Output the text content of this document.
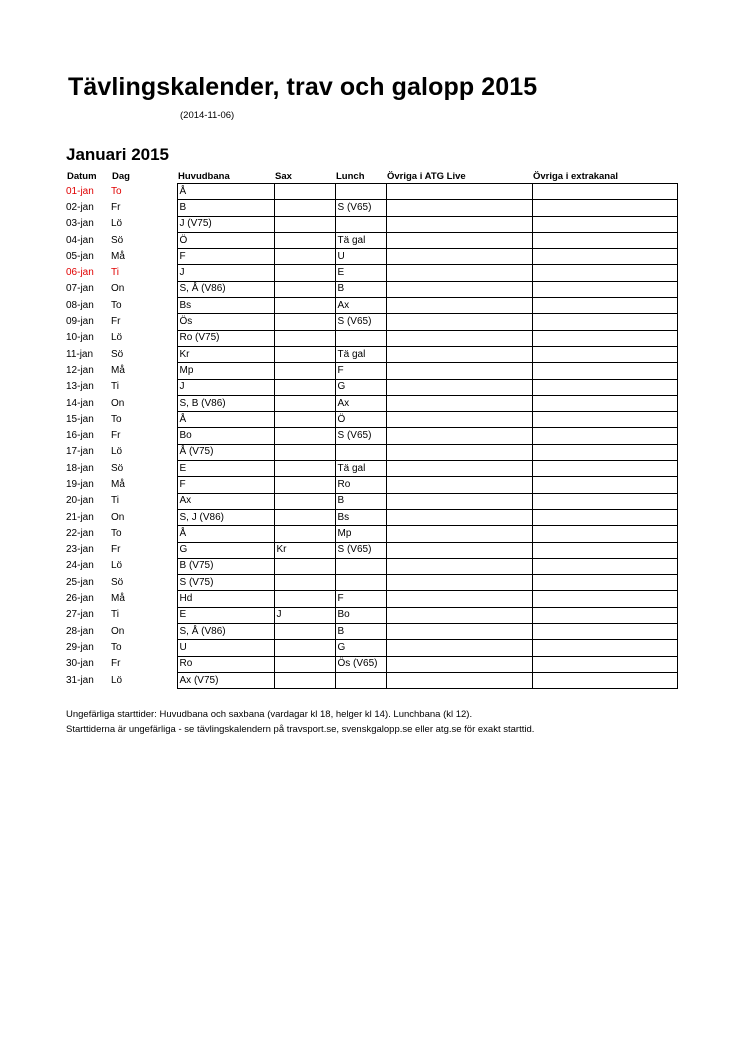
Tävlingskalender, trav och galopp 2015
(2014-11-06)
Januari 2015
Datum	Dag	Huvudbana	Sax	Lunch	Övriga i ATG Live	Övriga i extrakanal
01-jan	To	Å				
02-jan	Fr	B		S (V65)		
03-jan	Lö	J (V75)				
04-jan	Sö	Ö		Tä gal		
05-jan	Må	F		U		
06-jan	Ti	J		E		
07-jan	On	S, Å (V86)		B		
08-jan	To	Bs		Ax		
09-jan	Fr	Ös		S (V65)		
10-jan	Lö	Ro (V75)				
11-jan	Sö	Kr		Tä gal		
12-jan	Må	Mp		F		
13-jan	Ti	J		G		
14-jan	On	S, B (V86)		Ax		
15-jan	To	Å		Ö		
16-jan	Fr	Bo		S (V65)		
17-jan	Lö	Å (V75)				
18-jan	Sö	E		Tä gal		
19-jan	Må	F		Ro		
20-jan	Ti	Ax		B		
21-jan	On	S, J (V86)		Bs		
22-jan	To	Å		Mp		
23-jan	Fr	G	Kr	S (V65)		
24-jan	Lö	B (V75)				
25-jan	Sö	S (V75)				
26-jan	Må	Hd		F		
27-jan	Ti	E	J	Bo		
28-jan	On	S, Å (V86)		B		
29-jan	To	U		G		
30-jan	Fr	Ro		Ös (V65)		
31-jan	Lö	Ax (V75)				
Ungefärliga starttider: Huvudbana och saxbana (vardagar kl 18, helger kl 14). Lunchbana (kl 12).
Starttiderna är ungefärliga - se tävlingskalendern på travsport.se, svenskgalopp.se eller atg.se för exakt starttid.
